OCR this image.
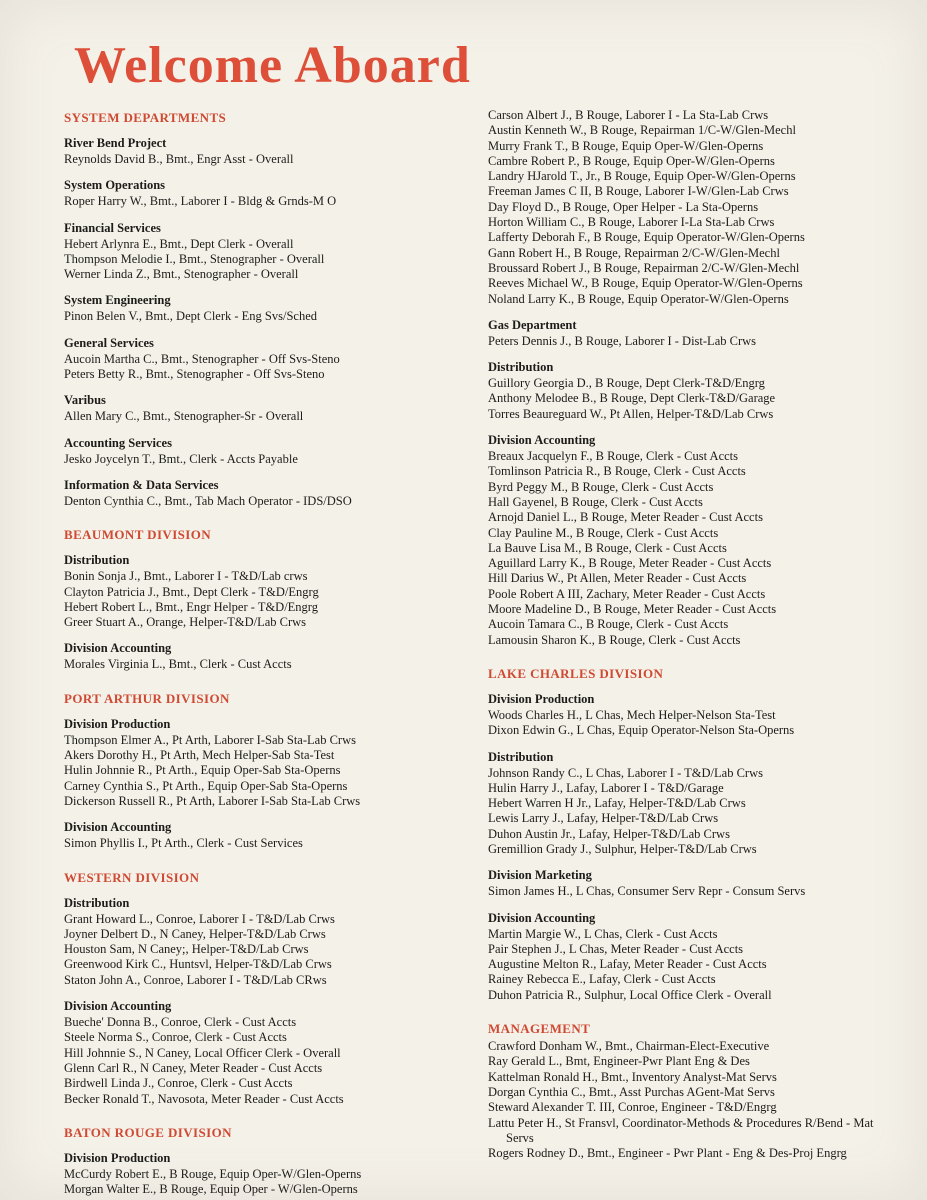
Welcome Aboard
SYSTEM DEPARTMENTS
River Bend Project

Reynolds David B., Bmt., Engr Asst - Overall

System Operations

Roper Harry W., Bmt., Laborer I - Bldg & Grnds-M O

Financial Services

Hebert Arlynra E., Bmt., Dept Clerk - Overall

Thompson Melodie I., Bmt., Stenographer - Overall

Werner Linda Z., Bmt., Stenographer - Overall

System Engineering

Pinon Belen V., Bmt., Dept Clerk - Eng Svs/Sched

General Services

Aucoin Martha C., Bmt., Stenographer - Off Svs-Steno

Peters Betty R., Bmt., Stenographer - Off Svs-Steno

Varibus

Allen Mary C., Bmt., Stenographer-Sr - Overall

Accounting Services

Jesko Joycelyn T., Bmt., Clerk - Accts Payable

Information & Data Services

Denton Cynthia C., Bmt., Tab Mach Operator - IDS/DSO

BEAUMONT DIVISION
Distribution

Bonin Sonja J., Bmt., Laborer I - T&D/Lab crws

Clayton Patricia J., Bmt., Dept Clerk - T&D/Engrg

Hebert Robert L., Bmt., Engr Helper - T&D/Engrg

Greer Stuart A., Orange, Helper-T&D/Lab Crws

Division Accounting

Morales Virginia L., Bmt., Clerk - Cust Accts

PORT ARTHUR DIVISION
Division Production

Thompson Elmer A., Pt Arth, Laborer I-Sab Sta-Lab Crws

Akers Dorothy H., Pt Arth, Mech Helper-Sab Sta-Test

Hulin Johnnie R., Pt Arth., Equip Oper-Sab Sta-Operns

Carney Cynthia S., Pt Arth., Equip Oper-Sab Sta-Operns

Dickerson Russell R., Pt Arth, Laborer I-Sab Sta-Lab Crws

Division Accounting

Simon Phyllis I., Pt Arth., Clerk - Cust Services

WESTERN DIVISION
Distribution

Grant Howard L., Conroe, Laborer I - T&D/Lab Crws

Joyner Delbert D., N Caney, Helper-T&D/Lab Crws

Houston Sam, N Caney;, Helper-T&D/Lab Crws

Greenwood Kirk C., Huntsvl, Helper-T&D/Lab Crws

Staton John A., Conroe, Laborer I - T&D/Lab CRws

Division Accounting

Bueche' Donna B., Conroe, Clerk - Cust Accts

Steele Norma S., Conroe, Clerk - Cust Accts

Hill Johnnie S., N Caney, Local Officer Clerk - Overall

Glenn Carl R., N Caney, Meter Reader - Cust Accts

Birdwell Linda J., Conroe, Clerk - Cust Accts

Becker Ronald T., Navosota, Meter Reader - Cust Accts

BATON ROUGE DIVISION
Division Production

McCurdy Robert E., B Rouge, Equip Oper-W/Glen-Operns

Morgan Walter E., B Rouge, Equip Oper - W/Glen-Operns

Carson Albert J., B Rouge, Laborer I - La Sta-Lab Crws

Austin Kenneth W., B Rouge, Repairman 1/C-W/Glen-Mechl

Murry Frank T., B Rouge, Equip Oper-W/Glen-Operns

Cambre Robert P., B Rouge, Equip Oper-W/Glen-Operns

Landry HJarold T., Jr., B Rouge, Equip Oper-W/Glen-Operns

Freeman James C II, B Rouge, Laborer I-W/Glen-Lab Crws

Day Floyd D., B Rouge, Oper Helper - La Sta-Operns

Horton William C., B Rouge, Laborer I-La Sta-Lab Crws

Lafferty Deborah F., B Rouge, Equip Operator-W/Glen-Operns

Gann Robert H., B Rouge, Repairman 2/C-W/Glen-Mechl

Broussard Robert J., B Rouge, Repairman 2/C-W/Glen-Mechl

Reeves Michael W., B Rouge, Equip Operator-W/Glen-Operns

Noland Larry K., B Rouge, Equip Operator-W/Glen-Operns

Gas Department

Peters Dennis J., B Rouge, Laborer I - Dist-Lab Crws

Distribution

Guillory Georgia D., B Rouge, Dept Clerk-T&D/Engrg

Anthony Melodee B., B Rouge, Dept Clerk-T&D/Garage

Torres Beaureguard W., Pt Allen, Helper-T&D/Lab Crws

Division Accounting

Breaux Jacquelyn F., B Rouge, Clerk - Cust Accts

Tomlinson Patricia R., B Rouge, Clerk - Cust Accts

Byrd Peggy M., B Rouge, Clerk - Cust Accts

Hall Gayenel, B Rouge, Clerk - Cust Accts

Arnojd Daniel L., B Rouge, Meter Reader - Cust Accts

Clay Pauline M., B Rouge, Clerk - Cust Accts

La Bauve Lisa M., B Rouge, Clerk - Cust Accts

Aguillard Larry K., B Rouge, Meter Reader - Cust Accts

Hill Darius W., Pt Allen, Meter Reader - Cust Accts

Poole Robert A III, Zachary, Meter Reader - Cust Accts

Moore Madeline D., B Rouge, Meter Reader - Cust Accts

Aucoin Tamara C., B Rouge, Clerk - Cust Accts

Lamousin Sharon K., B Rouge, Clerk - Cust Accts

LAKE CHARLES DIVISION
Division Production

Woods Charles H., L Chas, Mech Helper-Nelson Sta-Test

Dixon Edwin G., L Chas, Equip Operator-Nelson Sta-Operns

Distribution

Johnson Randy C., L Chas, Laborer I - T&D/Lab Crws

Hulin Harry J., Lafay, Laborer I - T&D/Garage

Hebert Warren H Jr., Lafay, Helper-T&D/Lab Crws

Lewis Larry J., Lafay, Helper-T&D/Lab Crws

Duhon Austin Jr., Lafay, Helper-T&D/Lab Crws

Gremillion Grady J., Sulphur, Helper-T&D/Lab Crws

Division Marketing

Simon James H., L Chas, Consumer Serv Repr - Consum Servs

Division Accounting

Martin Margie W., L Chas, Clerk - Cust Accts

Pair Stephen J., L Chas, Meter Reader - Cust Accts

Augustine Melton R., Lafay, Meter Reader - Cust Accts

Rainey Rebecca E., Lafay, Clerk - Cust Accts

Duhon Patricia R., Sulphur, Local Office Clerk - Overall

MANAGEMENT

Crawford Donham W., Bmt., Chairman-Elect-Executive

Ray Gerald L., Bmt, Engineer-Pwr Plant Eng & Des

Kattelman Ronald H., Bmt., Inventory Analyst-Mat Servs

Dorgan Cynthia C., Bmt., Asst Purchas AGent-Mat Servs

Steward Alexander T. III, Conroe, Engineer - T&D/Engrg

Lattu Peter H., St Fransvl, Coordinator-Methods & Procedures R/Bend - Mat Servs

Rogers Rodney D., Bmt., Engineer - Pwr Plant - Eng & Des-Proj Engrg
